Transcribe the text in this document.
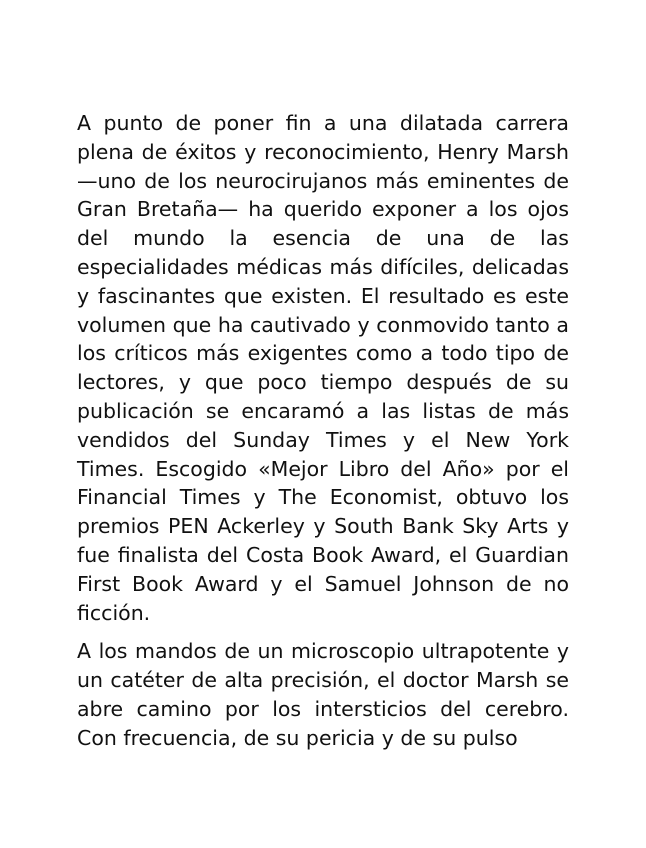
A punto de poner fin a una dilatada carrera plena de éxitos y reconocimiento, Henry Marsh —uno de los neurocirujanos más eminentes de Gran Bretaña— ha querido exponer a los ojos del mundo la esencia de una de las especialidades médicas más difíciles, delicadas y fascinantes que existen. El resultado es este volumen que ha cautivado y conmovido tanto a los críticos más exigentes como a todo tipo de lectores, y que poco tiempo después de su publicación se encaramó a las listas de más vendidos del Sunday Times y el New York Times. Escogido «Mejor Libro del Año» por el Financial Times y The Economist, obtuvo los premios PEN Ackerley y South Bank Sky Arts y fue finalista del Costa Book Award, el Guardian First Book Award y el Samuel Johnson de no ficción.

A los mandos de un microscopio ultrapotente y un catéter de alta precisión, el doctor Marsh se abre camino por los intersticios del cerebro. Con frecuencia, de su pericia y de su pulso
